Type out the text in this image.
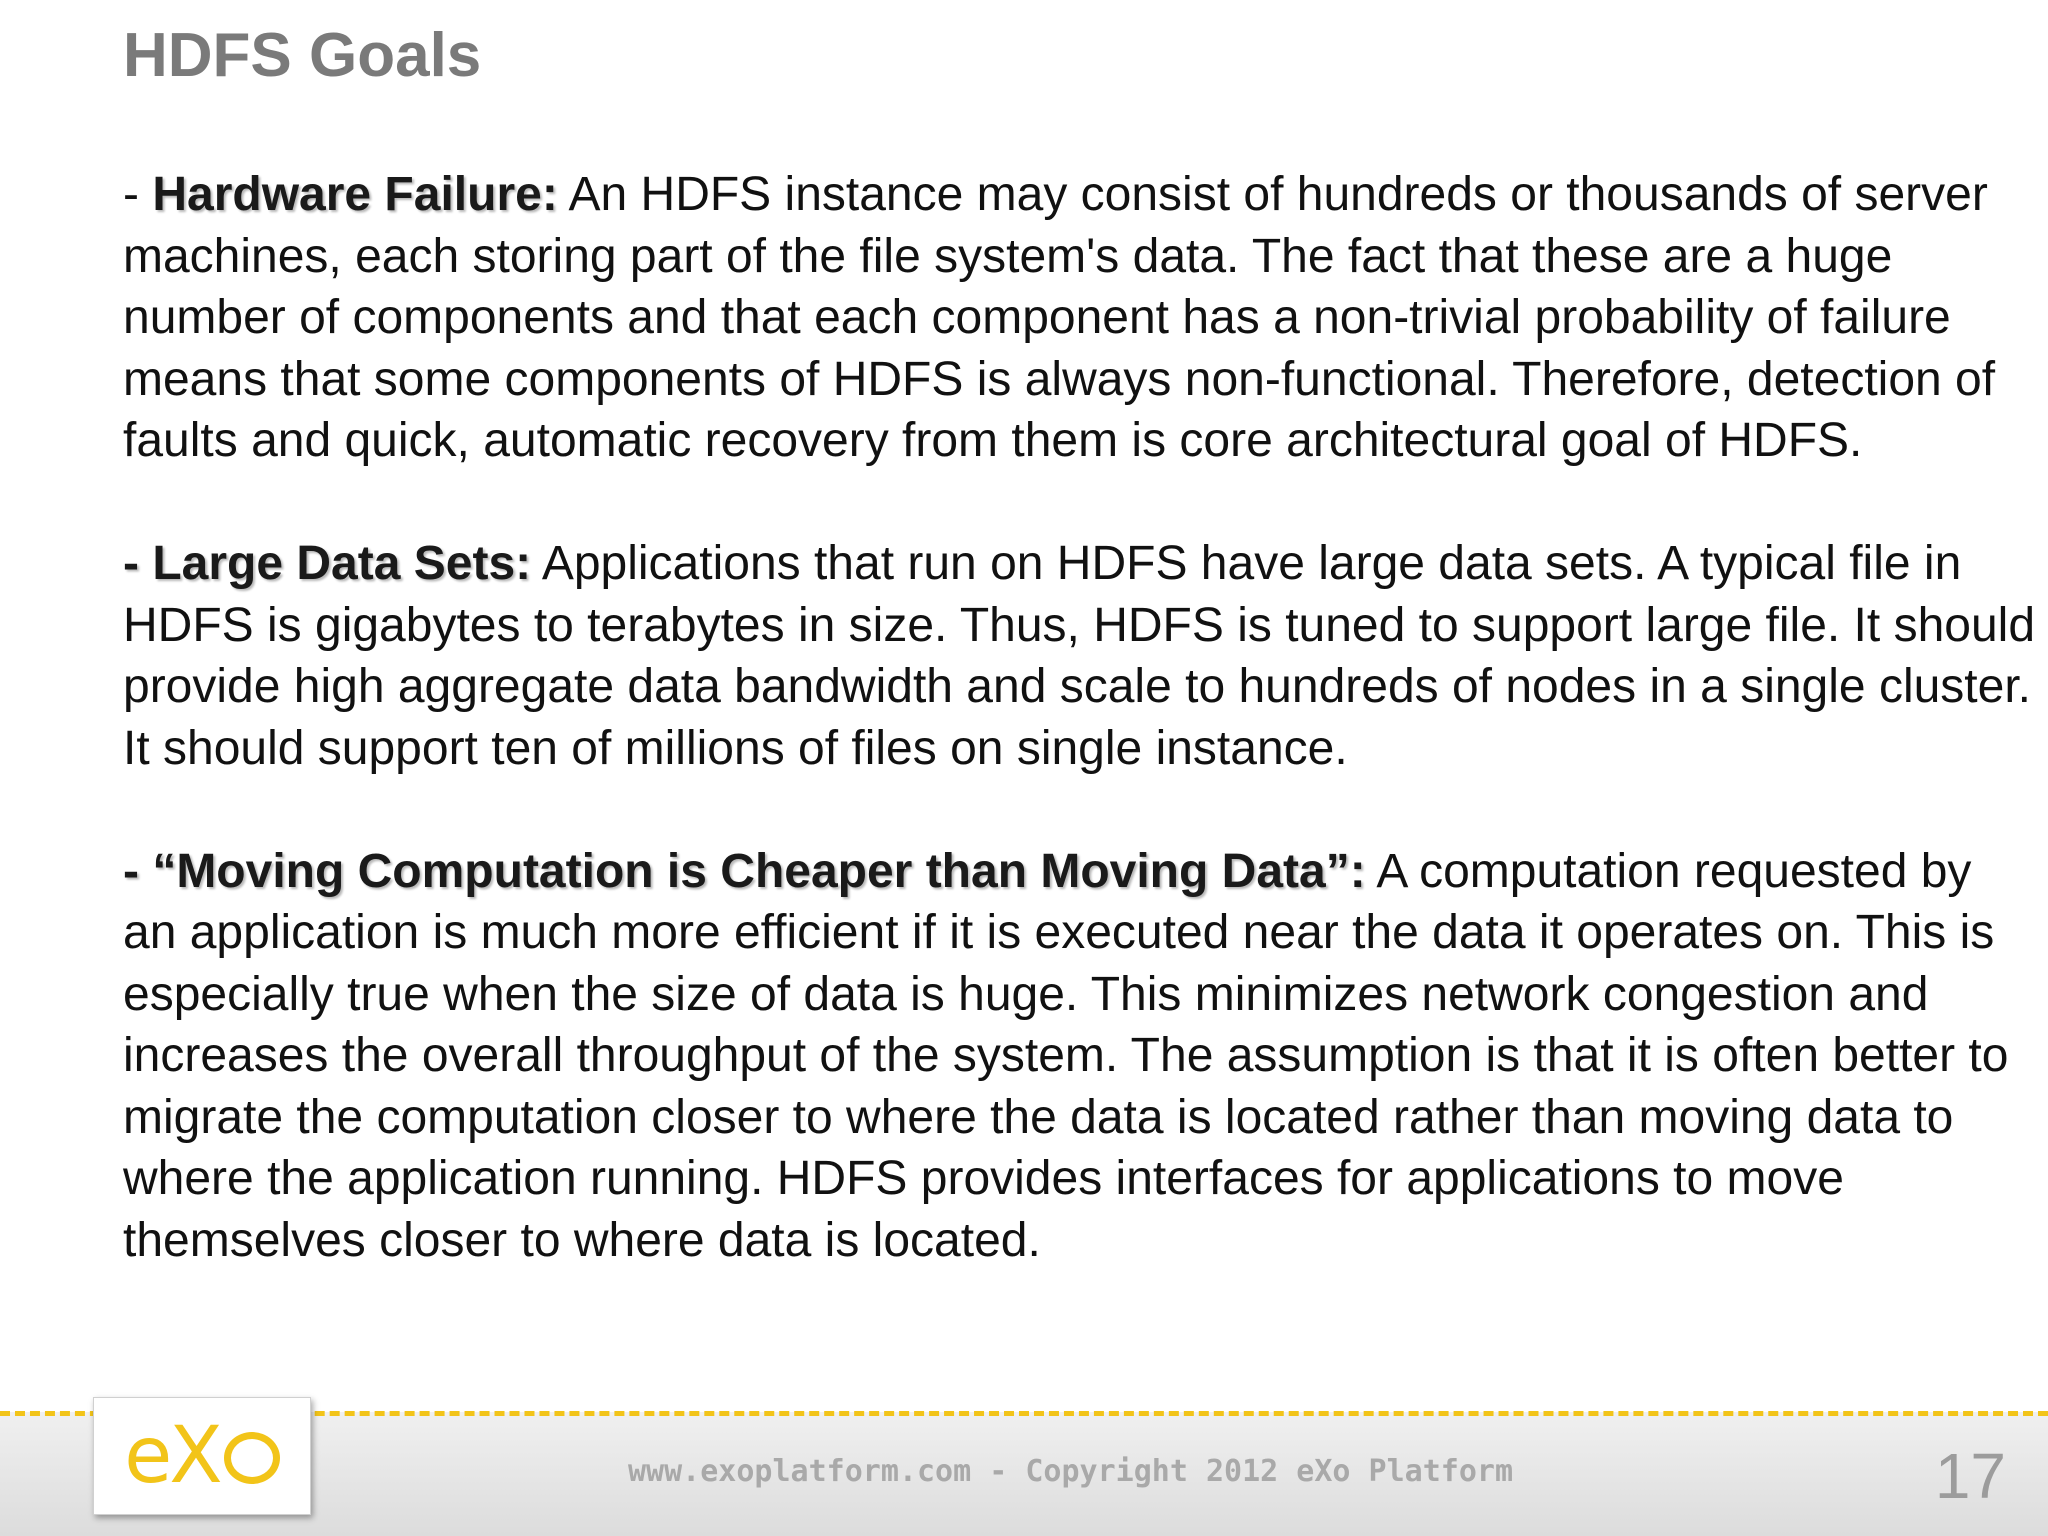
HDFS Goals

- Hardware Failure: An HDFS instance may consist of hundreds or thousands of server machines, each storing part of the file system's data. The fact that these are a huge number of components and that each component has a non-trivial probability of failure means that some components of HDFS is always non-functional. Therefore, detection of faults and quick, automatic recovery from them is core architectural goal of HDFS.

- Large Data Sets: Applications that run on HDFS have large data sets. A typical file in HDFS is gigabytes to terabytes in size. Thus, HDFS is tuned to support large file. It should provide high aggregate data bandwidth and scale to hundreds of nodes in a single cluster. It should support ten of millions of files on single instance.

- “Moving Computation is Cheaper than Moving Data”: A computation requested by an application is much more efficient if it is executed near the data it operates on. This is especially true when the size of data is huge. This minimizes network congestion and increases the overall throughput of the system. The assumption is that it is often better to migrate the computation closer to where the data is located rather than moving data to where the application running. HDFS provides interfaces for applications to move themselves closer to where data is located.

eX	www.exoplatform.com - Copyright 2012 eXo Platform	17
